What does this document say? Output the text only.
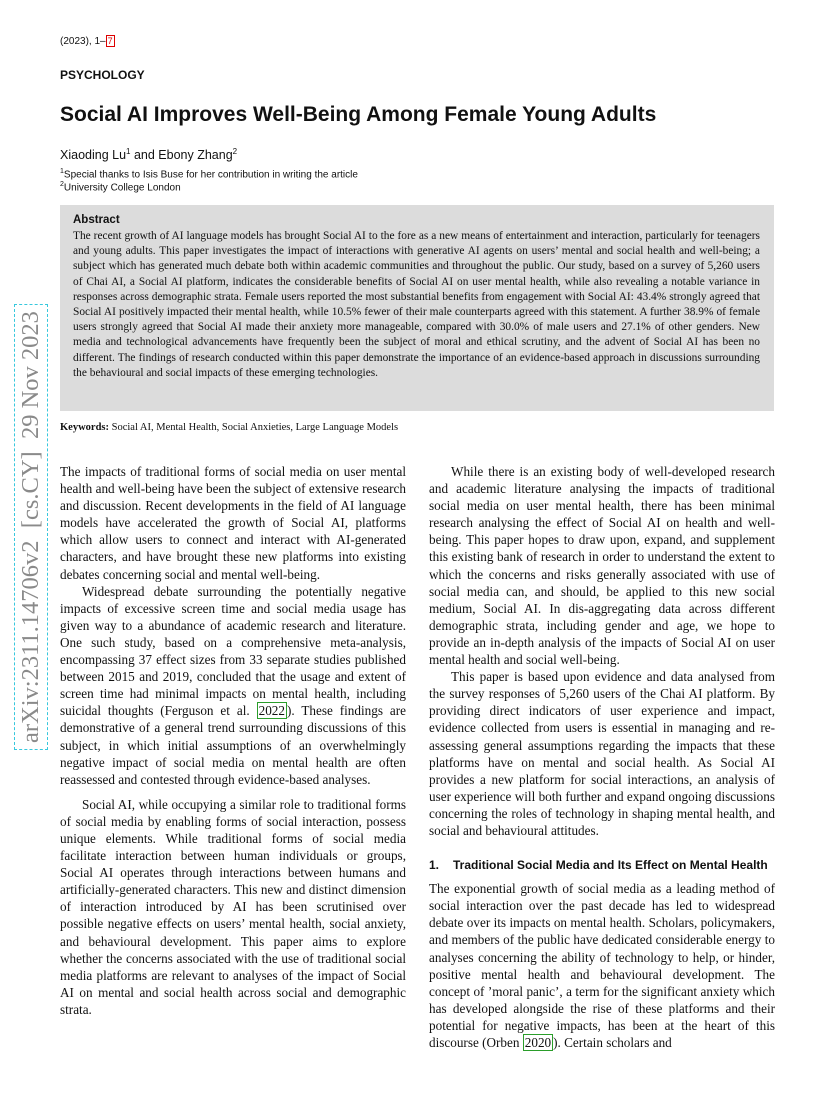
(2023), 1– 7
PSYCHOLOGY
Social AI Improves Well-Being Among Female Young Adults
Xiaoding Lu$^1$ and Ebony Zhang$^2$
$^1$Special thanks to Isis Buse for her contribution in writing the article
$^2$University College London
Abstract
The recent growth of AI language models has brought Social AI to the fore as a new means of entertainment and interaction, particularly for teenagers and young adults. This paper investigates the impact of interactions with generative AI agents on users’ mental and social health and well-being; a subject which has generated much debate both within academic communities and throughout the public. Our study, based on a survey of 5,260 users of Chai AI, a Social AI platform, indicates the considerable benefits of Social AI on user mental health, while also revealing a notable variance in responses across demographic strata. Female users reported the most substantial benefits from engagement with Social AI: 43.4% strongly agreed that Social AI positively impacted their mental health, while 10.5% fewer of their male counterparts agreed with this statement. A further 38.9% of female users strongly agreed that Social AI made their anxiety more manageable, compared with 30.0% of male users and 27.1% of other genders. New media and technological advancements have frequently been the subject of moral and ethical scrutiny, and the advent of Social AI has been no different. The findings of research conducted within this paper demonstrate the importance of an evidence-based approach in discussions surrounding the behavioural and social impacts of these emerging technologies.
Keywords: Social AI, Mental Health, Social Anxieties, Large Language Models

The impacts of traditional forms of social media on user mental health and well-being have been the subject of extensive research and discussion. Recent developments in the field of AI language models have accelerated the growth of Social AI, platforms which allow users to connect and interact with AI-generated characters, and have brought these new platforms into existing debates concerning social and mental well-being.

Widespread debate surrounding the potentially negative impacts of excessive screen time and social media usage has given way to a abundance of academic research and literature. One such study, based on a comprehensive meta-analysis, encompassing 37 effect sizes from 33 separate studies published between 2015 and 2019, concluded that the usage and extent of screen time had minimal impacts on mental health, including suicidal thoughts (Ferguson et al. 2022 ). These findings are demonstrative of a general trend surrounding discussions of this subject, in which initial assumptions of an overwhelmingly negative impact of social media on mental health are often reassessed and contested through evidence-based analyses.

Social AI, while occupying a similar role to traditional forms of social media by enabling forms of social interaction, possess unique elements. While traditional forms of social media facilitate interaction between human individuals or groups, Social AI operates through interactions between humans and artificially-generated characters. This new and distinct dimension of interaction introduced by AI has been scrutinised over possible negative effects on users’ mental health, social anxiety, and behavioural development. This paper aims to explore whether the concerns associated with the use of traditional social media platforms are relevant to analyses of the impact of Social AI on mental and social health across social and demographic strata.

While there is an existing body of well-developed research and academic literature analysing the impacts of traditional social media on user mental health, there has been minimal research analysing the effect of Social AI on health and well-being. This paper hopes to draw upon, expand, and supplement this existing bank of research in order to understand the extent to which the concerns and risks generally associated with use of social media can, and should, be applied to this new social medium, Social AI. In dis-aggregating data across different demographic strata, including gender and age, we hope to provide an in-depth analysis of the impacts of Social AI on user mental health and social well-being.

This paper is based upon evidence and data analysed from the survey responses of 5,260 users of the Chai AI platform. By providing direct indicators of user experience and impact, evidence collected from users is essential in managing and re-assessing general assumptions regarding the impacts that these platforms have on mental and social health. As Social AI provides a new platform for social interactions, an analysis of user experience will both further and expand ongoing discussions concerning the roles of technology in shaping mental health, and social and behavioural attitudes.

1. Traditional Social Media and Its Effect on Mental Health

The exponential growth of social media as a leading method of social interaction over the past decade has led to widespread debate over its impacts on mental health. Scholars, policymakers, and members of the public have dedicated considerable energy to analyses concerning the ability of technology to help, or hinder, positive mental health and behavioural development. The concept of ’moral panic’, a term for the significant anxiety which has developed alongside the rise of these platforms and their potential for negative impacts, has been at the heart of this discourse (Orben 2020 ). Certain scholars and

arXiv:2311.14706v2  [cs.CY]  29 Nov 2023
